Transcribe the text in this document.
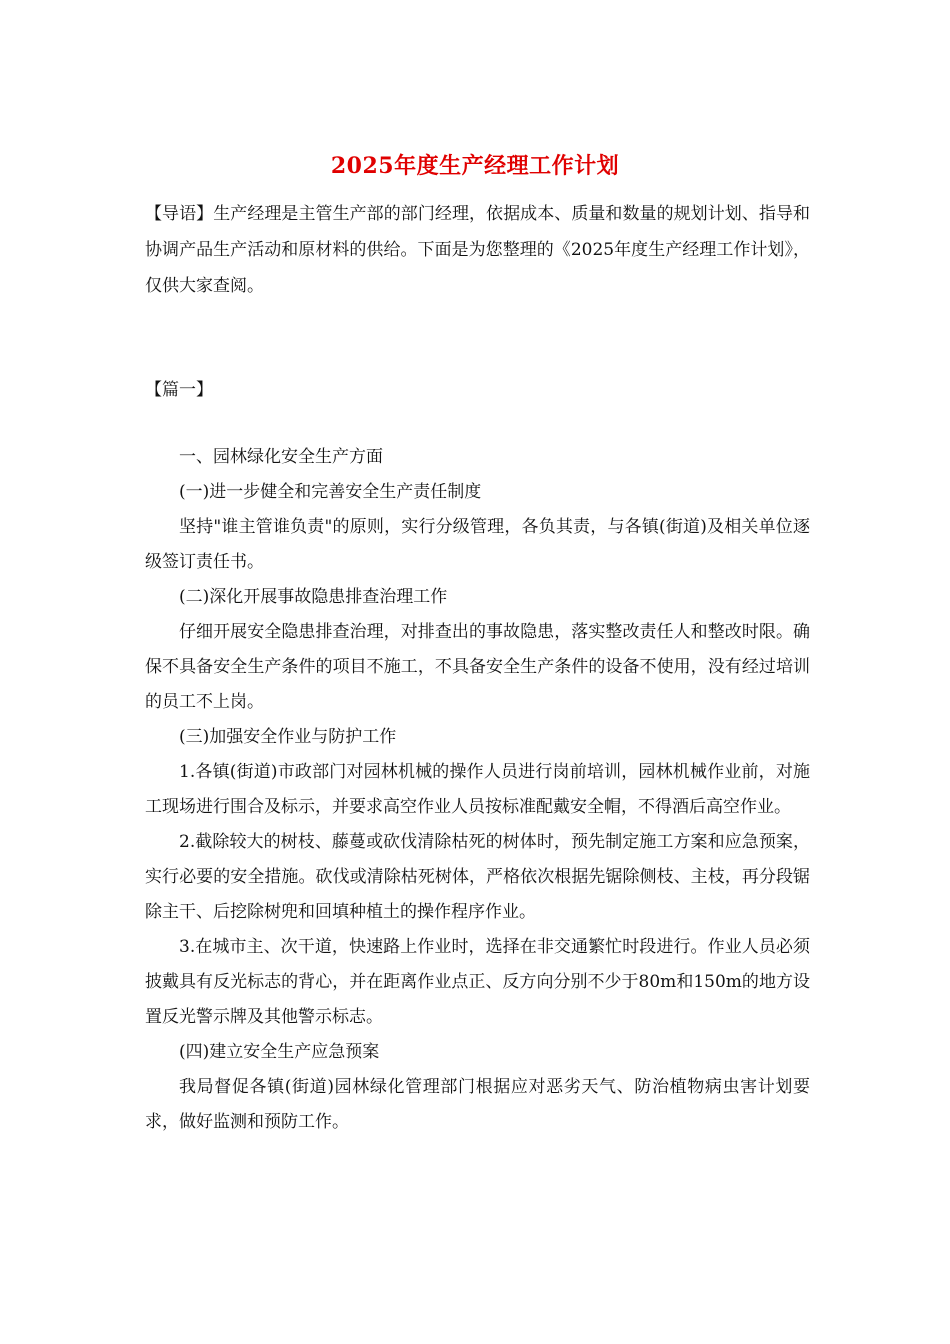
2025年度生产经理工作计划
【导语】生产经理是主管生产部的部门经理，依据成本、质量和数量的规划计划、指导和协调产品生产活动和原材料的供给。下面是为您整理的《2025年度生产经理工作计划》，仅供大家查阅。
【篇一】

一、园林绿化安全生产方面

(一)进一步健全和完善安全生产责任制度

坚持"谁主管谁负责"的原则，实行分级管理，各负其责，与各镇(街道)及相关单位逐级签订责任书。

(二)深化开展事故隐患排查治理工作

仔细开展安全隐患排查治理，对排查出的事故隐患，落实整改责任人和整改时限。确保不具备安全生产条件的项目不施工，不具备安全生产条件的设备不使用，没有经过培训的员工不上岗。

(三)加强安全作业与防护工作

1.各镇(街道)市政部门对园林机械的操作人员进行岗前培训，园林机械作业前，对施工现场进行围合及标示，并要求高空作业人员按标准配戴安全帽，不得酒后高空作业。

2.截除较大的树枝、藤蔓或砍伐清除枯死的树体时，预先制定施工方案和应急预案，实行必要的安全措施。砍伐或清除枯死树体，严格依次根据先锯除侧枝、主枝，再分段锯除主干、后挖除树兜和回填种植土的操作程序作业。

3.在城市主、次干道，快速路上作业时，选择在非交通繁忙时段进行。作业人员必须披戴具有反光标志的背心，并在距离作业点正、反方向分别不少于80m和150m的地方设置反光警示牌及其他警示标志。

(四)建立安全生产应急预案

我局督促各镇(街道)园林绿化管理部门根据应对恶劣天气、防治植物病虫害计划要求，做好监测和预防工作。
